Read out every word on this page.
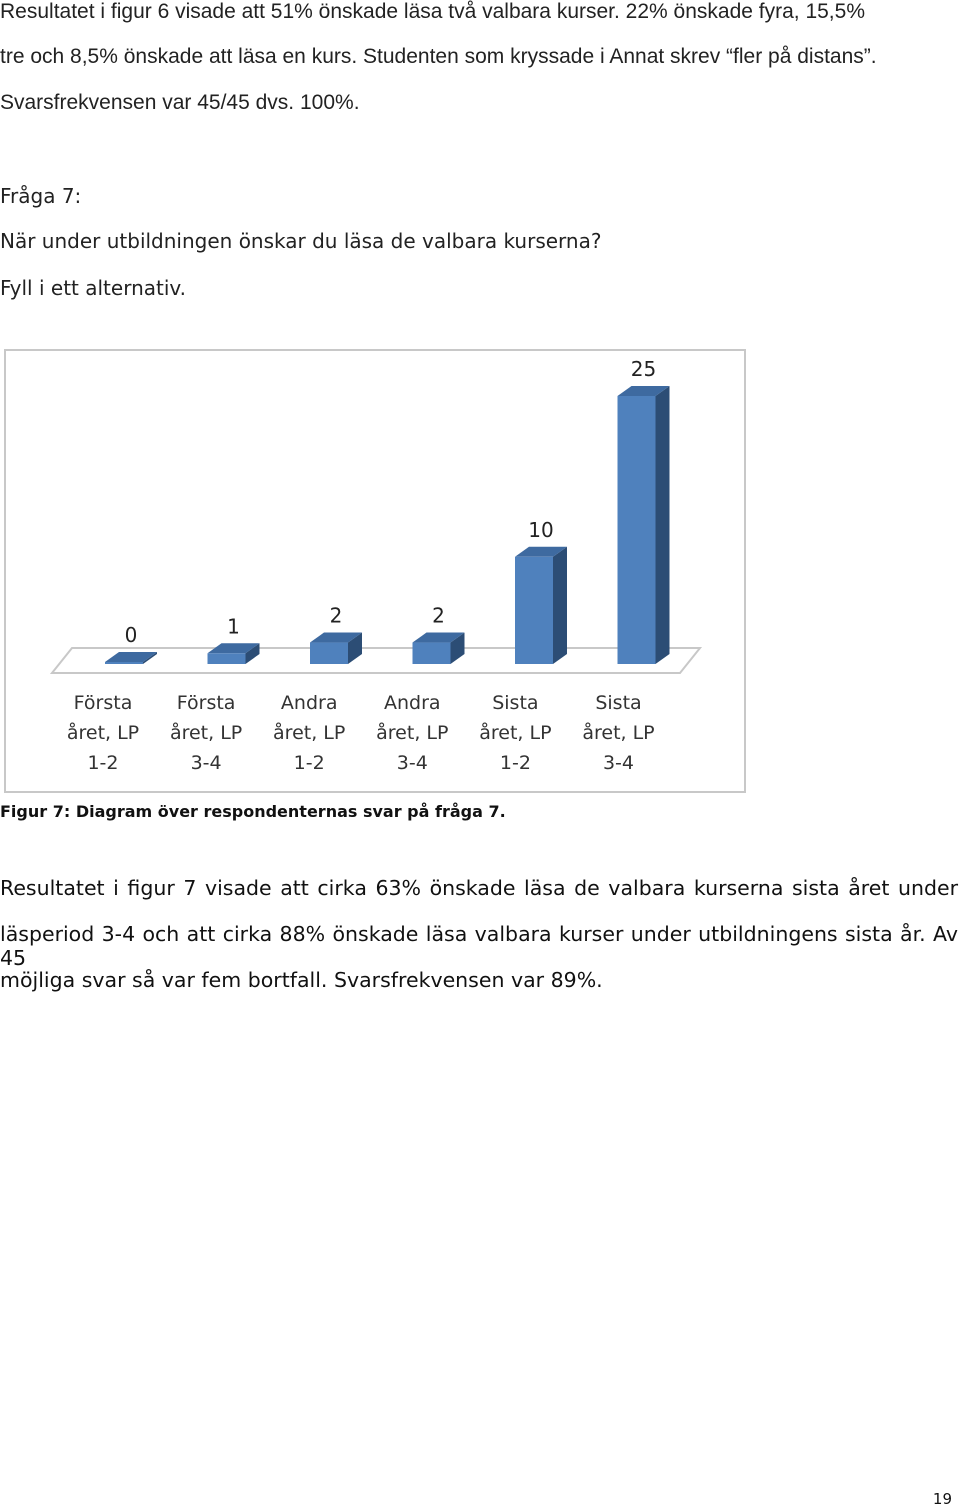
Resultatet i figur 6 visade att 51% önskade läsa två valbara kurser. 22% önskade fyra, 15,5%

tre och 8,5% önskade att läsa en kurs. Studenten som kryssade i Annat skrev “fler på distans”.

Svarsfrekvensen var 45/45 dvs. 100%.

Fråga 7:

När under utbildningen önskar du läsa de valbara kurserna?

Fyll i ett alternativ.

0
Första
året, LP
1-2
1
Första
året, LP
3-4
2
Andra
året, LP
1-2
2
Andra
året, LP
3-4
10
Sista
året, LP
1-2
25
Sista
året, LP
3-4

Figur 7: Diagram över respondenternas svar på fråga 7.

Resultatet i figur 7 visade att cirka 63% önskade läsa de valbara kurserna sista året under

läsperiod 3-4 och att cirka 88% önskade läsa valbara kurser under utbildningens sista år. Av 45

möjliga svar så var fem bortfall. Svarsfrekvensen var 89%.

19
